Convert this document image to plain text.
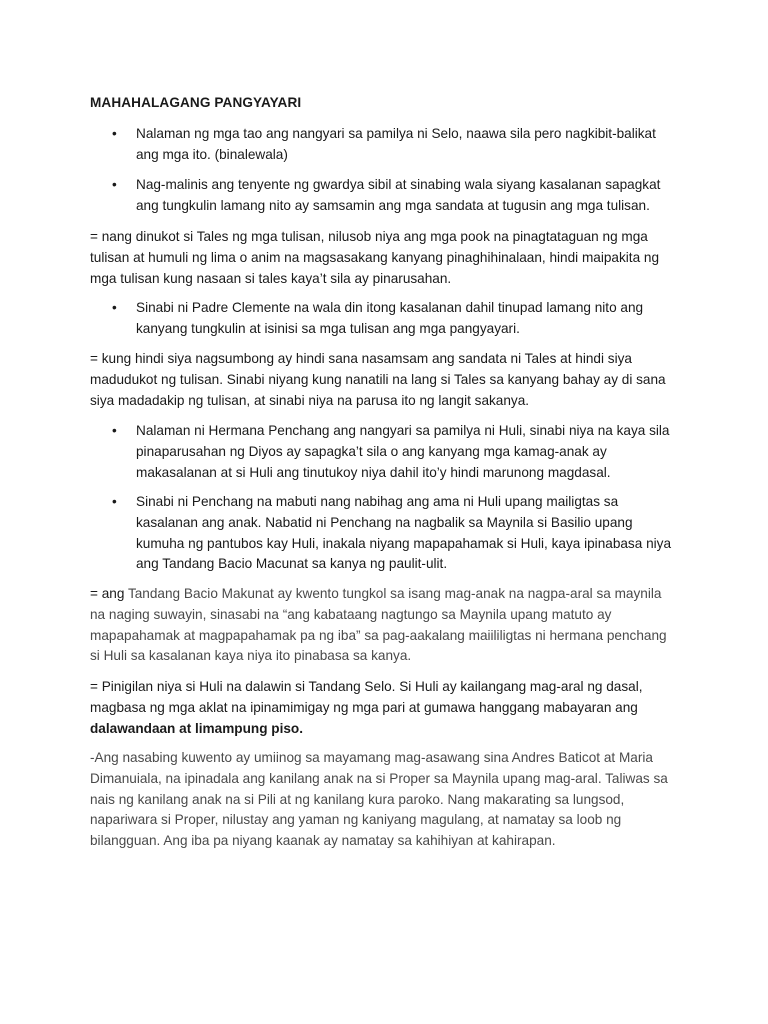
MAHAHALAGANG PANGYAYARI
•	Nalaman ng mga tao ang nangyari sa pamilya ni Selo, naawa sila pero nagkibit-balikat ang mga ito. (binalewala)
•	Nag-malinis ang tenyente ng gwardya sibil at sinabing wala siyang kasalanan sapagkat ang tungkulin lamang nito ay samsamin ang mga sandata at tugusin ang mga tulisan.

= nang dinukot si Tales ng mga tulisan, nilusob niya ang mga pook na pinagtataguan ng mga tulisan at humuli ng lima o anim na magsasakang kanyang pinaghihinalaan, hindi maipakita ng mga tulisan kung nasaan si tales kaya’t sila ay pinarusahan.

•	Sinabi ni Padre Clemente na wala din itong kasalanan dahil tinupad lamang nito ang kanyang tungkulin at isinisi sa mga tulisan ang mga pangyayari.

= kung hindi siya nagsumbong ay hindi sana nasamsam ang sandata ni Tales at hindi siya madudukot ng tulisan. Sinabi niyang kung nanatili na lang si Tales sa kanyang bahay ay di sana siya madadakip ng tulisan, at sinabi niya na parusa ito ng langit sakanya.

•	Nalaman ni Hermana Penchang ang nangyari sa pamilya ni Huli, sinabi niya na kaya sila pinaparusahan ng Diyos ay sapagka’t sila o ang kanyang mga kamag-anak ay makasalanan at si Huli ang tinutukoy niya dahil ito’y hindi marunong magdasal.
•	Sinabi ni Penchang na mabuti nang nabihag ang ama ni Huli upang mailigtas sa kasalanan ang anak. Nabatid ni Penchang na nagbalik sa Maynila si Basilio upang kumuha ng pantubos kay Huli, inakala niyang mapapahamak si Huli, kaya ipinabasa niya ang Tandang Bacio Macunat sa kanya ng paulit-ulit.

= ang Tandang Bacio Makunat ay kwento tungkol sa isang mag-anak na nagpa-aral sa maynila na naging suwayin, sinasabi na “ang kabataang nagtungo sa Maynila upang matuto ay mapapahamak at magpapahamak pa ng iba” sa pag-aakalang maiililigtas ni hermana penchang si Huli sa kasalanan kaya niya ito pinabasa sa kanya.

= Pinigilan niya si Huli na dalawin si Tandang Selo. Si Huli ay kailangang mag-aral ng dasal, magbasa ng mga aklat na ipinamimigay ng mga pari at gumawa hanggang mabayaran ang dalawandaan at limampung piso.

-Ang nasabing kuwento ay umiinog sa mayamang mag-asawang sina Andres Baticot at Maria Dimanuiala, na ipinadala ang kanilang anak na si Proper sa Maynila upang mag-aral. Taliwas sa nais ng kanilang anak na si Pili at ng kanilang kura paroko. Nang makarating sa lungsod, napariwara si Proper, nilustay ang yaman ng kaniyang magulang, at namatay sa loob ng bilangguan. Ang iba pa niyang kaanak ay namatay sa kahihiyan at kahirapan.
